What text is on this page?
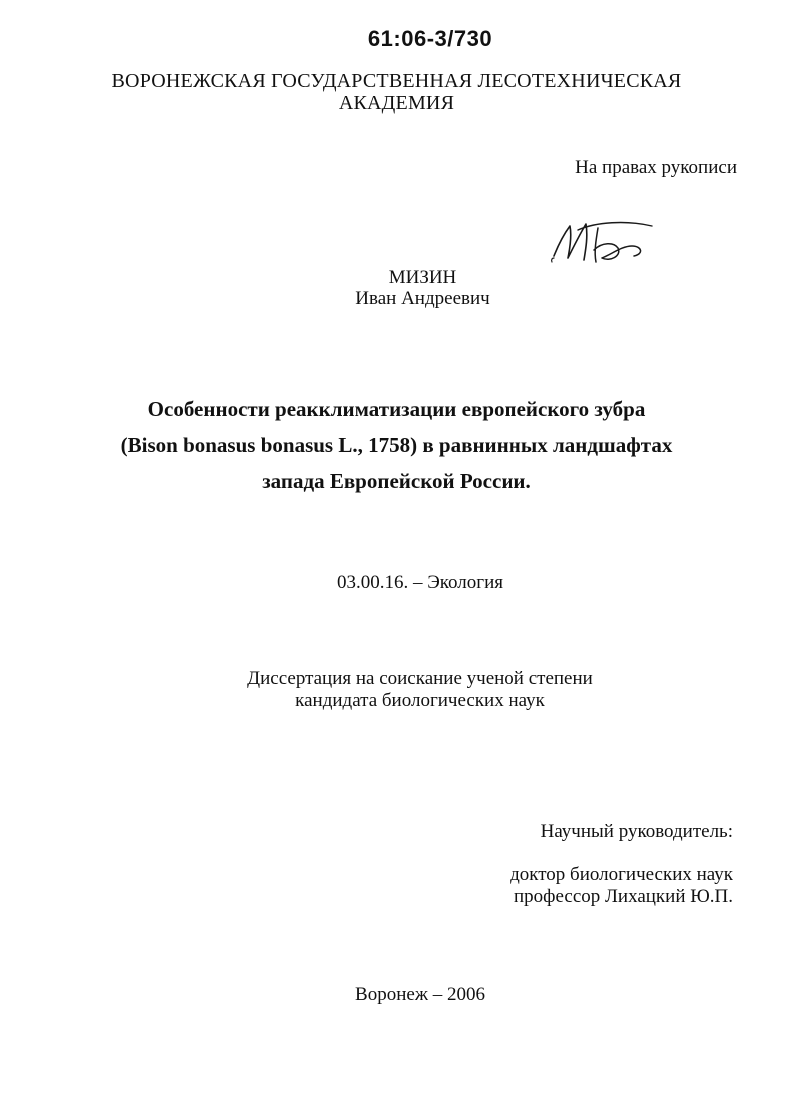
61:06-3/730
ВОРОНЕЖСКАЯ ГОСУДАРСТВЕННАЯ ЛЕСОТЕХНИЧЕСКАЯ
АКАДЕМИЯ
На правах рукописи
МИЗИН
Иван Андреевич
Особенности реакклиматизации европейского зубра
(Bison bonasus bonasus L., 1758) в равнинных ландшафтах
запада Европейской России.
03.00.16. – Экология
Диссертация на соискание ученой степени
кандидата биологических наук
Научный руководитель:
доктор биологических наук
профессор Лихацкий Ю.П.
Воронеж – 2006
